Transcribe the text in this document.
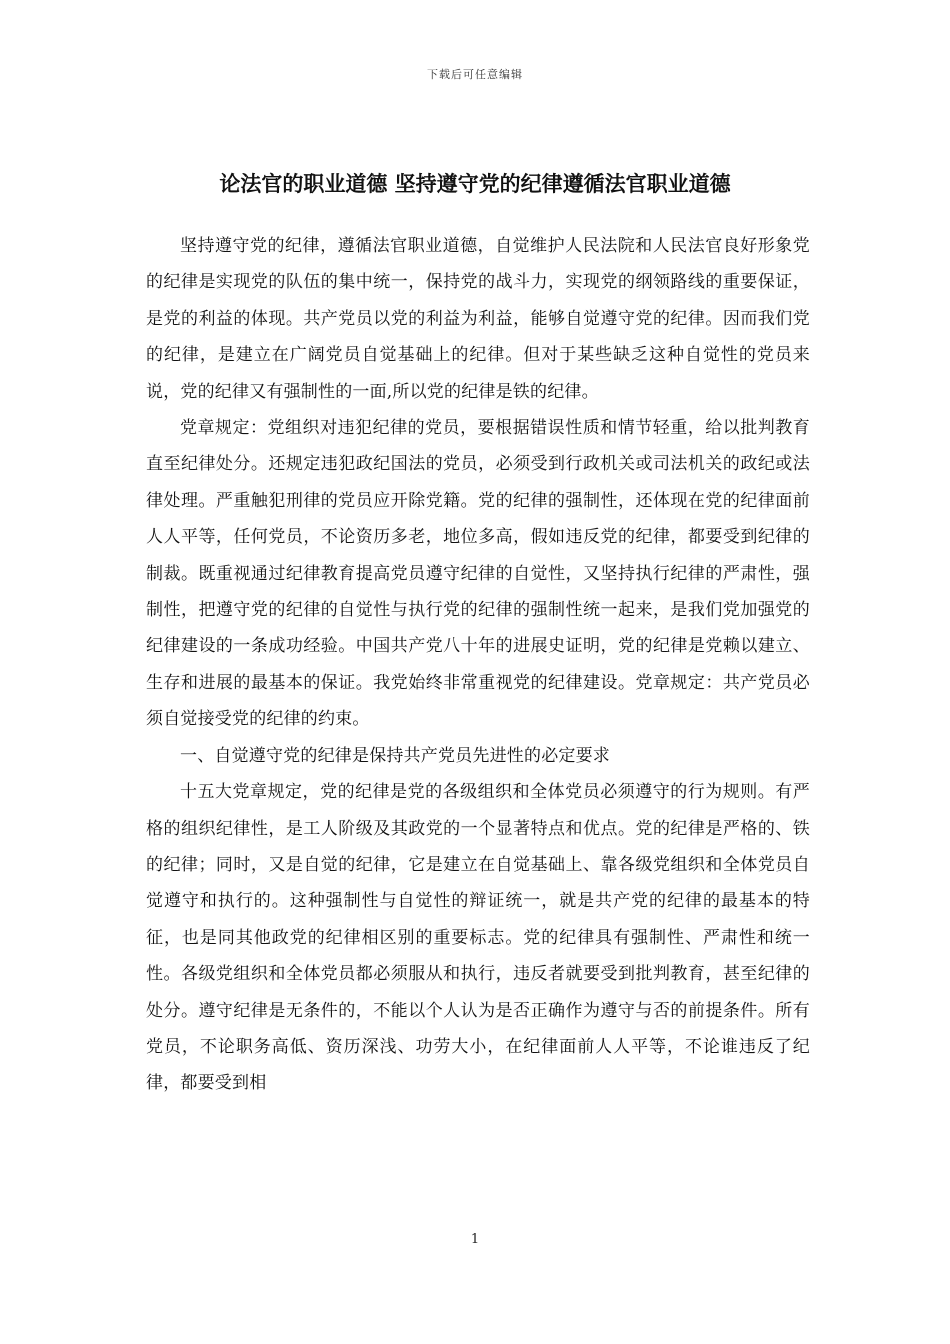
下载后可任意编辑
论法官的职业道德 坚持遵守党的纪律遵循法官职业道德

坚持遵守党的纪律，遵循法官职业道德，自觉维护人民法院和人民法官良好形象党的纪律是实现党的队伍的集中统一，保持党的战斗力，实现党的纲领路线的重要保证，是党的利益的体现。共产党员以党的利益为利益，能够自觉遵守党的纪律。因而我们党的纪律，是建立在广阔党员自觉基础上的纪律。但对于某些缺乏这种自觉性的党员来说，党的纪律又有强制性的一面,所以党的纪律是铁的纪律。

党章规定：党组织对违犯纪律的党员，要根据错误性质和情节轻重，给以批判教育直至纪律处分。还规定违犯政纪国法的党员，必须受到行政机关或司法机关的政纪或法律处理。严重触犯刑律的党员应开除党籍。党的纪律的强制性，还体现在党的纪律面前人人平等，任何党员，不论资历多老，地位多高，假如违反党的纪律，都要受到纪律的制裁。既重视通过纪律教育提高党员遵守纪律的自觉性，又坚持执行纪律的严肃性，强制性，把遵守党的纪律的自觉性与执行党的纪律的强制性统一起来，是我们党加强党的纪律建设的一条成功经验。中国共产党八十年的进展史证明，党的纪律是党赖以建立、生存和进展的最基本的保证。我党始终非常重视党的纪律建设。党章规定：共产党员必须自觉接受党的纪律的约束。

一、自觉遵守党的纪律是保持共产党员先进性的必定要求

十五大党章规定，党的纪律是党的各级组织和全体党员必须遵守的行为规则。有严格的组织纪律性，是工人阶级及其政党的一个显著特点和优点。党的纪律是严格的、铁的纪律；同时，又是自觉的纪律，它是建立在自觉基础上、靠各级党组织和全体党员自觉遵守和执行的。这种强制性与自觉性的辩证统一，就是共产党的纪律的最基本的特征，也是同其他政党的纪律相区别的重要标志。党的纪律具有强制性、严肃性和统一性。各级党组织和全体党员都必须服从和执行，违反者就要受到批判教育，甚至纪律的处分。遵守纪律是无条件的，不能以个人认为是否正确作为遵守与否的前提条件。所有党员，不论职务高低、资历深浅、功劳大小，在纪律面前人人平等，不论谁违反了纪律，都要受到相

1
